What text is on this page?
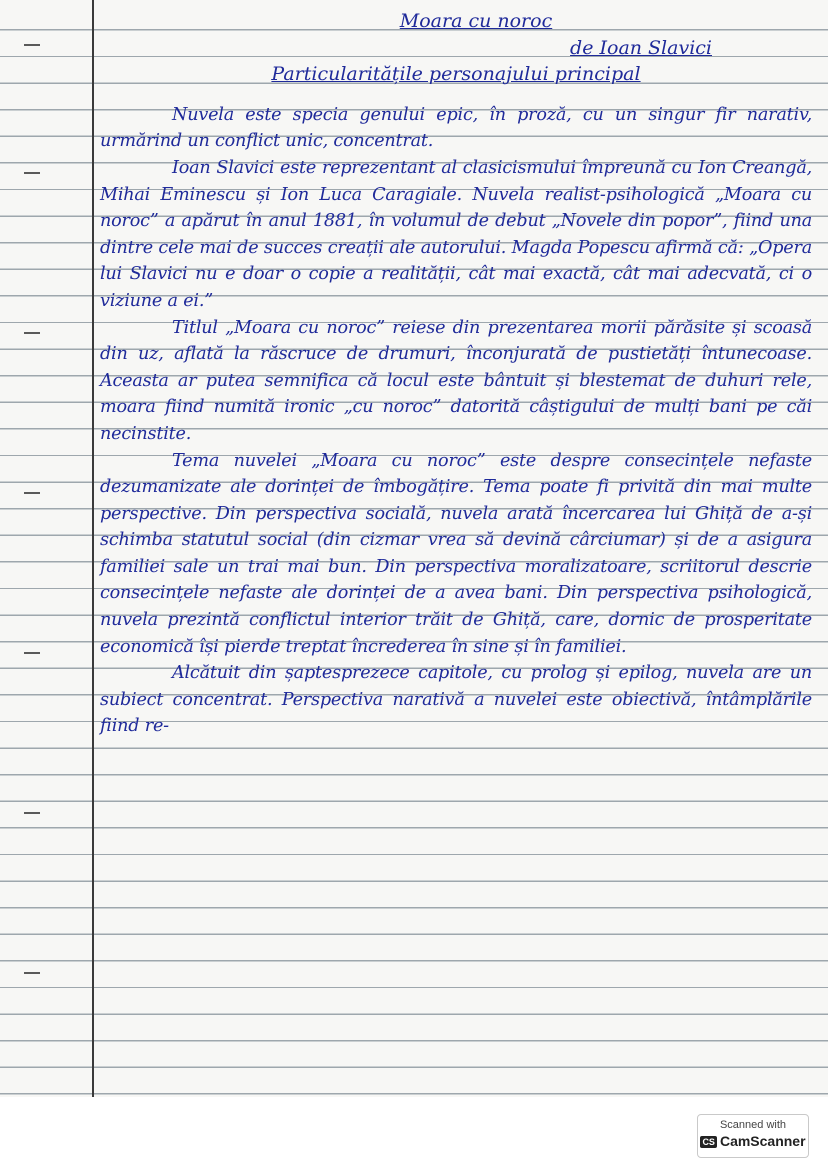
Moara cu noroc
de Ioan Slavici
Particularitățile personajului principal

Nuvela este specia genului epic, în proză, cu un singur fir narativ, urmărind un conflict unic, concentrat.

Ioan Slavici este reprezentant al clasicismului împreună cu Ion Creangă, Mihai Eminescu și Ion Luca Caragiale. Nuvela realist-psihologică „Moara cu noroc” a apărut în anul 1881, în volumul de debut „Novele din popor”, fiind una dintre cele mai de succes creații ale autorului. Magda Popescu afirmă că: „Opera lui Slavici nu e doar o copie a realității, cât mai exactă, cât mai adecvată, ci o viziune a ei.”

Titlul „Moara cu noroc” reiese din prezentarea morii părăsite și scoasă din uz, aflată la răscruce de drumuri, înconjurată de pustietăți întunecoase. Aceasta ar putea semnifica că locul este bântuit și blestemat de duhuri rele, moara fiind numită ironic „cu noroc” datorită câștigului de mulți bani pe căi necinstite.

Tema nuvelei „Moara cu noroc” este despre consecințele nefaste dezumanizate ale dorinței de îmbogățire. Tema poate fi privită din mai multe perspective. Din perspectiva socială, nuvela arată încercarea lui Ghiță de a-și schimba statutul social (din cizmar vrea să devină cârciumar) și de a asigura familiei sale un trai mai bun. Din perspectiva moralizatoare, scriitorul descrie consecințele nefaste ale dorinței de a avea bani. Din perspectiva psihologică, nuvela prezintă conflictul interior trăit de Ghiță, care, dornic de prosperitate economică își pierde treptat încrederea în sine și în familiei.

Alcătuit din șaptesprezece capitole, cu prolog și epilog, nuvela are un subiect concentrat. Perspectiva narativă a nuvelei este obiectivă, întâmplările fiind re-

Scanned with
CS CamScanner
